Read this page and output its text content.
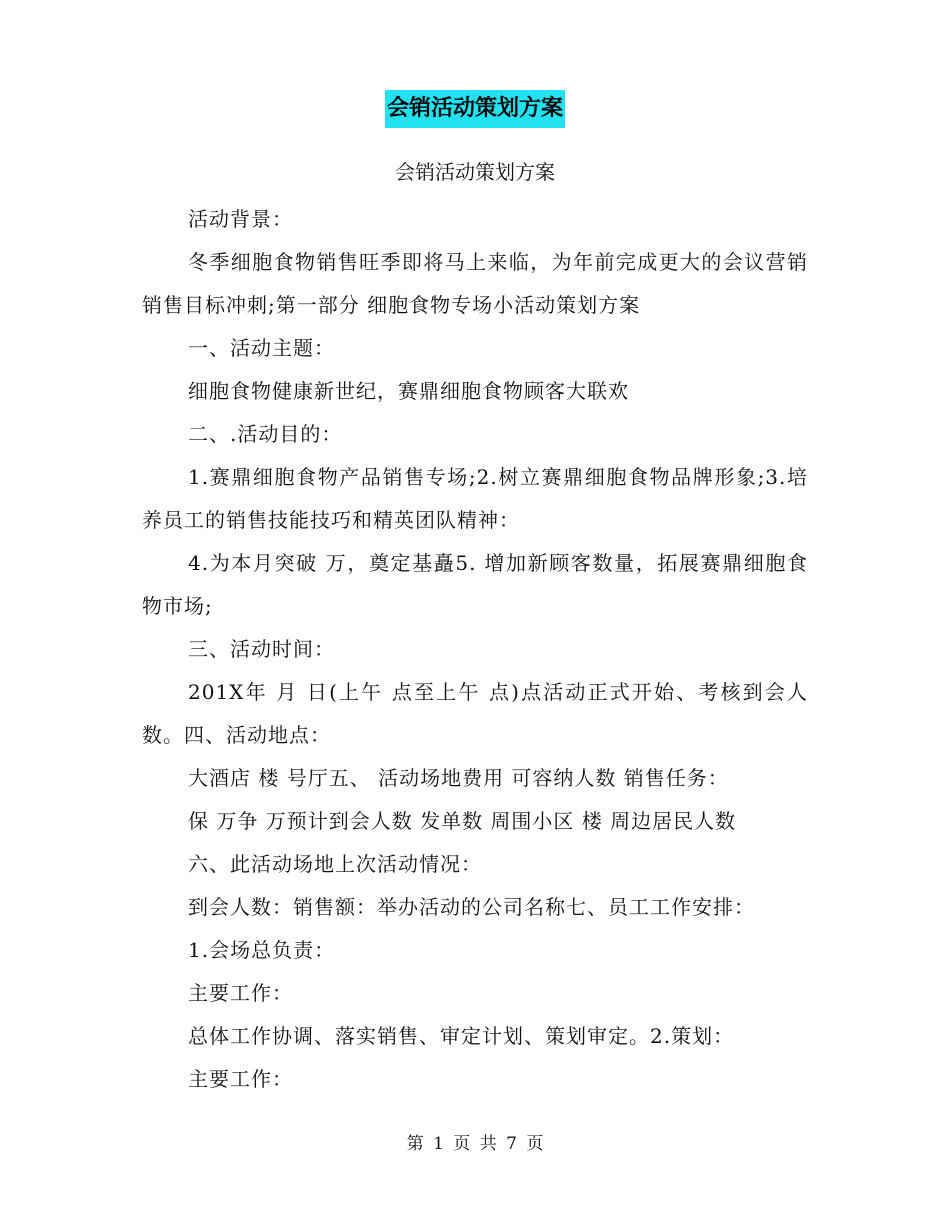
会销活动策划方案
会销活动策划方案

活动背景：

冬季细胞食物销售旺季即将马上来临，为年前完成更大的会议营销销售目标冲刺;第一部分 细胞食物专场小活动策划方案

一、活动主题：

细胞食物健康新世纪，赛鼎细胞食物顾客大联欢

二、.活动目的：

1.赛鼎细胞食物产品销售专场;2.树立赛鼎细胞食物品牌形象;3.培养员工的销售技能技巧和精英团队精神：

4.为本月突破 万，奠定基矗5. 增加新顾客数量，拓展赛鼎细胞食物市场;

三、活动时间：

201X年 月 日(上午 点至上午 点)点活动正式开始、考核到会人数。四、活动地点：

大酒店 楼 号厅五、 活动场地费用 可容纳人数 销售任务：

保 万争 万预计到会人数 发单数 周围小区 楼 周边居民人数

六、此活动场地上次活动情况：

到会人数：销售额：举办活动的公司名称七、员工工作安排：

1.会场总负责：

主要工作：

总体工作协调、落实销售、审定计划、策划审定。2.策划：

主要工作：

第 1 页 共 7 页
